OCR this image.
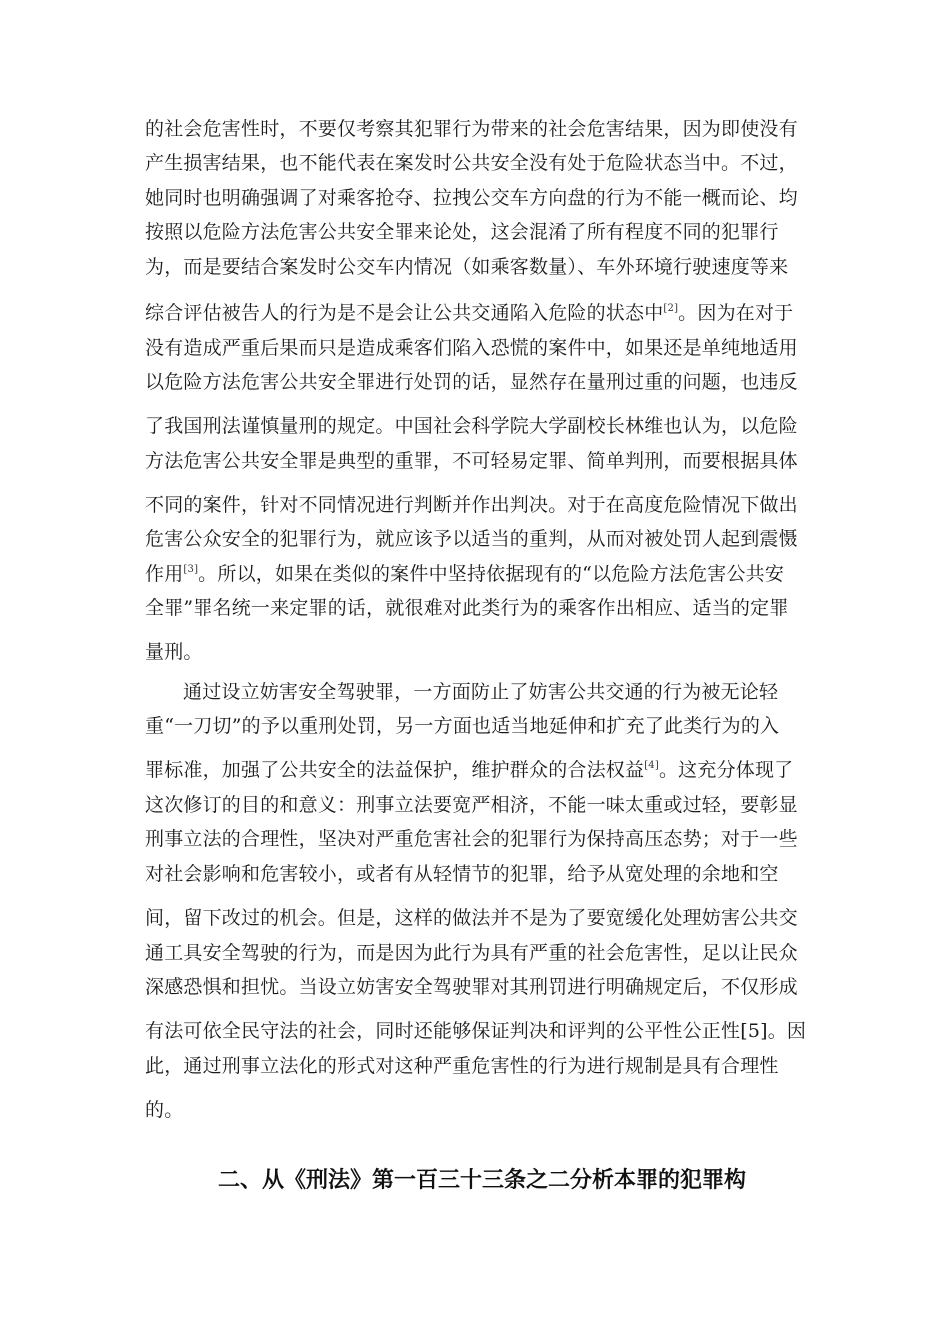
的社会危害性时，不要仅考察其犯罪行为带来的社会危害结果，因为即使没有
产生损害结果，也不能代表在案发时公共安全没有处于危险状态当中。不过，
她同时也明确强调了对乘客抢夺、拉拽公交车方向盘的行为不能一概而论、均
按照以危险方法危害公共安全罪来论处，这会混淆了所有程度不同的犯罪行
为，而是要结合案发时公交车内情况（如乘客数量）、车外环境行驶速度等来
综合评估被告人的行为是不是会让公共交通陷入危险的状态中[2]。因为在对于
没有造成严重后果而只是造成乘客们陷入恐慌的案件中，如果还是单纯地适用
以危险方法危害公共安全罪进行处罚的话，显然存在量刑过重的问题，也违反
了我国刑法谨慎量刑的规定。中国社会科学院大学副校长林维也认为，以危险
方法危害公共安全罪是典型的重罪，不可轻易定罪、简单判刑，而要根据具体
不同的案件，针对不同情况进行判断并作出判决。对于在高度危险情况下做出
危害公众安全的犯罪行为，就应该予以适当的重判，从而对被处罚人起到震慑
作用[3]。所以，如果在类似的案件中坚持依据现有的“以危险方法危害公共安
全罪”罪名统一来定罪的话，就很难对此类行为的乘客作出相应、适当的定罪
量刑。
通过设立妨害安全驾驶罪，一方面防止了妨害公共交通的行为被无论轻
重“一刀切”的予以重刑处罚，另一方面也适当地延伸和扩充了此类行为的入
罪标准，加强了公共安全的法益保护，维护群众的合法权益[4]。这充分体现了
这次修订的目的和意义：刑事立法要宽严相济，不能一味太重或过轻，要彰显
刑事立法的合理性，坚决对严重危害社会的犯罪行为保持高压态势；对于一些
对社会影响和危害较小，或者有从轻情节的犯罪，给予从宽处理的余地和空
间，留下改过的机会。但是，这样的做法并不是为了要宽缓化处理妨害公共交
通工具安全驾驶的行为，而是因为此行为具有严重的社会危害性，足以让民众
深感恐惧和担忧。当设立妨害安全驾驶罪对其刑罚进行明确规定后，不仅形成
有法可依全民守法的社会，同时还能够保证判决和评判的公平性公正性[5]。因
此，通过刑事立法化的形式对这种严重危害性的行为进行规制是具有合理性
的。
二、从《刑法》第一百三十三条之二分析本罪的犯罪构
